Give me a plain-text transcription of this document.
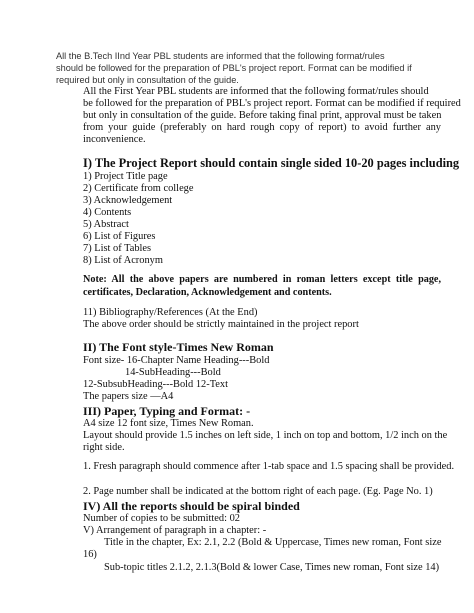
All the B.Tech IInd Year PBL students are informed that the following format/rules
should be followed for the preparation of PBL's project report. Format can be modified if
required but only in consultation of the guide.
All the First Year PBL students are informed that the following format/rules should
be followed for the preparation of PBL's project report. Format can be modified if required
but only in consultation of the guide. Before taking final print, approval must be taken
from your guide (preferably on hard rough copy of report) to avoid further any
inconvenience.
I) The Project Report should contain single sided 10-20 pages including
1) Project Title page
2) Certificate from college
3) Acknowledgement
4) Contents
5) Abstract
6) List of Figures
7) List of Tables
8) List of Acronym
Note: All the above papers are numbered in roman letters except title page,
certificates, Declaration, Acknowledgement and contents.
11) Bibliography/References (At the End)
The above order should be strictly maintained in the project report
II) The Font style-Times New Roman
Font size- 16-Chapter Name Heading---Bold
14-SubHeading---Bold
12-SubsubHeading---Bold 12-Text
The papers size —A4
III) Paper, Typing and Format: -
A4 size 12 font size, Times New Roman.
Layout should provide 1.5 inches on left side, 1 inch on top and bottom, 1/2 inch on the
right side.
1. Fresh paragraph should commence after 1-tab space and 1.5 spacing shall be provided.
2. Page number shall be indicated at the bottom right of each page. (Eg. Page No. 1)
IV) All the reports should be spiral binded
Number of copies to be submitted: 02
V) Arrangement of paragraph in a chapter: -
Title in the chapter, Ex: 2.1, 2.2 (Bold & Uppercase, Times new roman, Font size
16)
Sub-topic titles 2.1.2, 2.1.3(Bold & lower Case, Times new roman, Font size 14)
